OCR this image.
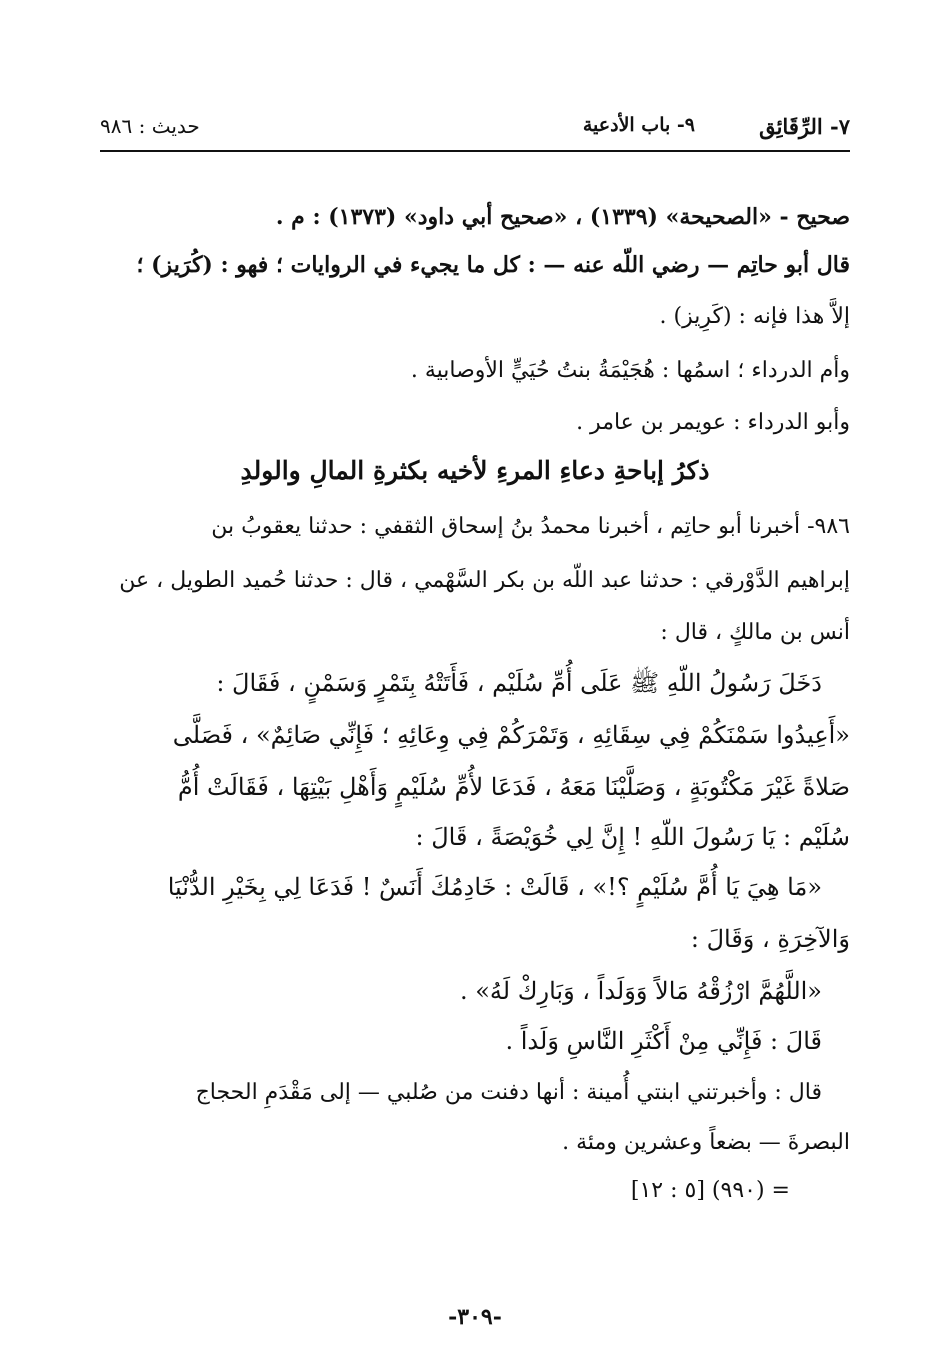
٧- الرِّقَائِق
٩- باب الأدعية
حديث : ٩٨٦
صحيح - «الصحيحة» (١٣٣٩) ، «صحيح أبي داود» (١٣٧٣) : م .
قال أبو حاتِم — رضي اللّه عنه — : كل ما يجيء في الروايات ؛ فهو : (كُرَيز) ؛
إلاَّ هذا فإنه : (كَرِيز) .
وأم الدرداء ؛ اسمُها : هُجَيْمَةُ بنتُ حُيَيٍّ الأوصابية .
وأبو الدرداء : عويمر بن عامر .
ذكرُ إباحةِ دعاءِ المرءِ لأخيه بكثرةِ المالِ والولدِ
٩٨٦- أخبرنا أبو حاتِم ، أخبرنا محمدُ بنُ إسحاق الثقفي : حدثنا يعقوبُ بن
إبراهيم الدَّوْرقي : حدثنا عبد اللّه بن بكر السَّهْمي ، قال : حدثنا حُميد الطويل ، عن
أنس بن مالكٍ ، قال :
دَخَلَ رَسُولُ اللّهِ ﷺ عَلَى أُمِّ سُلَيْم ، فَأَتَتْهُ بِتَمْرٍ وَسَمْنٍ ، فَقَالَ :
«أَعِيدُوا سَمْنَكُمْ فِي سِقَائِهِ ، وَتَمْرَكُمْ فِي وِعَائِهِ ؛ فَإِنِّي صَائِمٌ» ، فَصَلَّى
صَلاةً غَيْرَ مَكْتُوبَةٍ ، وَصَلَّيْنَا مَعَهُ ، فَدَعَا لأُمِّ سُلَيْمٍ وَأَهْلِ بَيْتِهَا ، فَقَالَتْ أُمُّ
سُلَيْم : يَا رَسُولَ اللّهِ ! إِنَّ لِي خُوَيْصَةً ، قَالَ :
«مَا هِيَ يَا أُمَّ سُلَيْمٍ ؟!» ، قَالَتْ : خَادِمُكَ أَنَسٌ ! فَدَعَا لِي بِخَيْرِ الدُّنْيَا
وَالآخِرَةِ ، وَقَالَ :
«اللَّهُمَّ ارْزُقْهُ مَالاً وَوَلَداً ، وَبَارِكْ لَهُ» .
قَالَ : فَإِنِّي مِنْ أَكْثَرِ النَّاسِ وَلَداً .
قال : وأخبرتني ابنتي أُمينة : أنها دفنت من صُلبي — إلى مَقْدَمِ الحجاج
البصرةَ — بضعاً وعشرين ومئة .
= (٩٩٠) [٥ : ١٢]
-٣٠٩-
